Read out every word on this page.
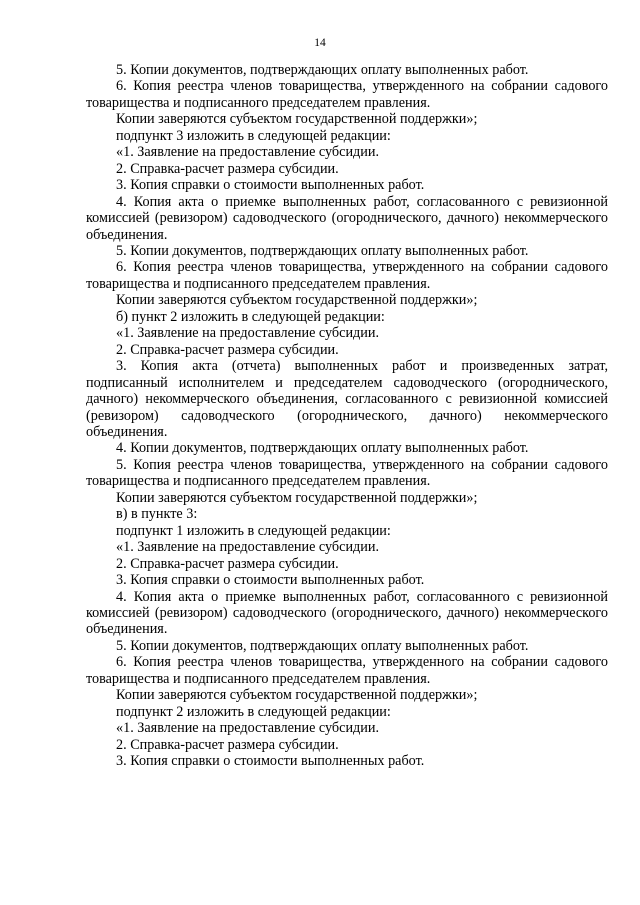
14

5. Копии документов, подтверждающих оплату выполненных работ.

6. Копия реестра членов товарищества, утвержденного на собрании садового товарищества и подписанного председателем правления.

Копии заверяются субъектом государственной поддержки»;

подпункт 3 изложить в следующей редакции:

«1. Заявление на предоставление субсидии.

2. Справка-расчет размера субсидии.

3. Копия справки о стоимости выполненных работ.

4. Копия акта о приемке выполненных работ, согласованного с ревизионной комиссией (ревизором) садоводческого (огороднического, дачного) некоммерческого объединения.

5. Копии документов, подтверждающих оплату выполненных работ.

6. Копия реестра членов товарищества, утвержденного на собрании садового товарищества и подписанного председателем правления.

Копии заверяются субъектом государственной поддержки»;

б) пункт 2 изложить в следующей редакции:

«1. Заявление на предоставление субсидии.

2. Справка-расчет размера субсидии.

3. Копия акта (отчета) выполненных работ и произведенных затрат, подписанный исполнителем и председателем садоводческого (огороднического, дачного) некоммерческого объединения, согласованного с ревизионной комиссией (ревизором) садоводческого (огороднического, дачного) некоммерческого объединения.

4. Копии документов, подтверждающих оплату выполненных работ.

5. Копия реестра членов товарищества, утвержденного на собрании садового товарищества и подписанного председателем правления.

Копии заверяются субъектом государственной поддержки»;

в) в пункте 3:

подпункт 1 изложить в следующей редакции:

«1. Заявление на предоставление субсидии.

2. Справка-расчет размера субсидии.

3. Копия справки о стоимости выполненных работ.

4. Копия акта о приемке выполненных работ, согласованного с ревизионной комиссией (ревизором) садоводческого (огороднического, дачного) некоммерческого объединения.

5. Копии документов, подтверждающих оплату выполненных работ.

6. Копия реестра членов товарищества, утвержденного на собрании садового товарищества и подписанного председателем правления.

Копии заверяются субъектом государственной поддержки»;

подпункт 2 изложить в следующей редакции:

«1. Заявление на предоставление субсидии.

2. Справка-расчет размера субсидии.

3. Копия справки о стоимости выполненных работ.
